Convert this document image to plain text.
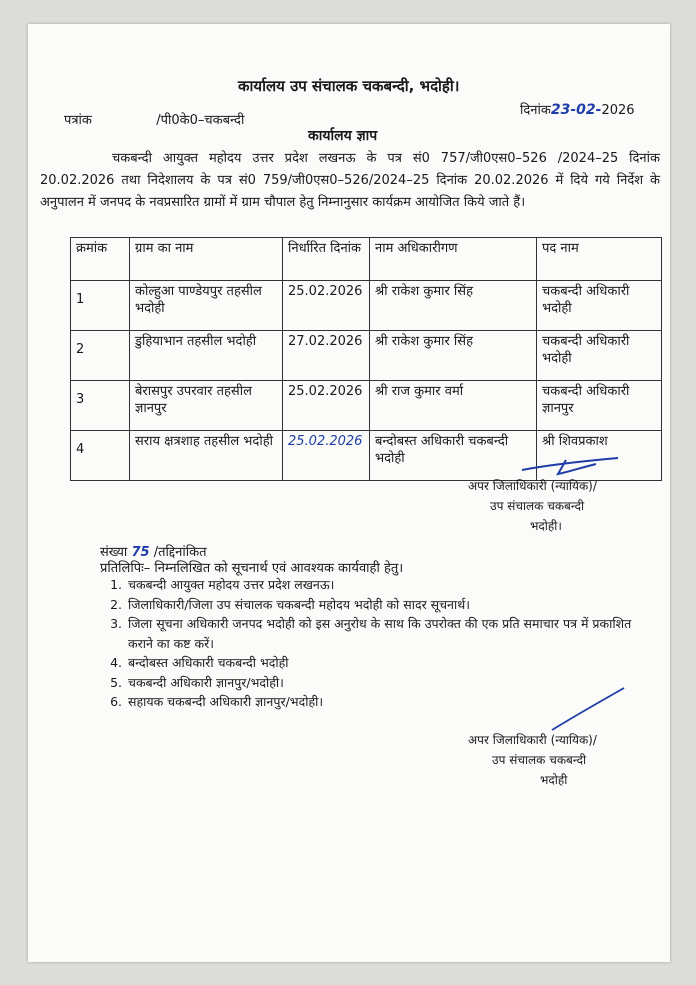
कार्यालय उप संचालक चकबन्दी, भदोही।
पत्रांक	/पी0के0–चकबन्दी
दिनांक23-02-2026
कार्यालय ज्ञाप
चकबन्दी आयुक्त महोदय उत्तर प्रदेश लखनऊ के पत्र सं0 757/जी0एस0–526 /2024–25 दिनांक 20.02.2026 तथा निदेशालय के पत्र सं0 759/जी0एस0–526/2024–25 दिनांक 20.02.2026 में दिये गये निर्देश के अनुपालन में जनपद के नवप्रसारित ग्रामों में ग्राम चौपाल हेतु निम्नानुसार कार्यक्रम आयोजित किये जाते हैं।
क्रमांक	ग्राम का नाम	निर्धारित दिनांक	नाम अधिकारीगण	पद नाम
1	कोल्हुआ पाण्डेयपुर तहसील भदोही	25.02.2026	श्री राकेश कुमार सिंह	चकबन्दी अधिकारी भदोही
2	डुहियाभान तहसील भदोही	27.02.2026	श्री राकेश कुमार सिंह	चकबन्दी अधिकारी भदोही
3	बेरासपुर उपरवार तहसील ज्ञानपुर	25.02.2026	श्री राज कुमार वर्मा	चकबन्दी अधिकारी ज्ञानपुर
4	सराय क्षत्रशाह तहसील भदोही	25.02.2026	बन्दोबस्त अधिकारी चकबन्दी भदोही	श्री शिवप्रकाश
अपर जिलाधिकारी (न्यायिक)/
उप संचालक चकबन्दी
भदोही।
संख्या 75 /तद्दिनांकित
प्रतिलिपिः– निम्नलिखित को सूचनार्थ एवं आवश्यक कार्यवाही हेतु।
1. चकबन्दी आयुक्त महोदय उत्तर प्रदेश लखनऊ।
2. जिलाधिकारी/जिला उप संचालक चकबन्दी महोदय भदोही को सादर सूचनार्थ।
3. जिला सूचना अधिकारी जनपद भदोही को इस अनुरोध के साथ कि उपरोक्त की एक प्रति समाचार पत्र में प्रकाशित कराने का कष्ट करें।
4. बन्दोबस्त अधिकारी चकबन्दी भदोही
5. चकबन्दी अधिकारी ज्ञानपुर/भदोही।
6. सहायक चकबन्दी अधिकारी ज्ञानपुर/भदोही।
अपर जिलाधिकारी (न्यायिक)/
उप संचालक चकबन्दी
भदोही
